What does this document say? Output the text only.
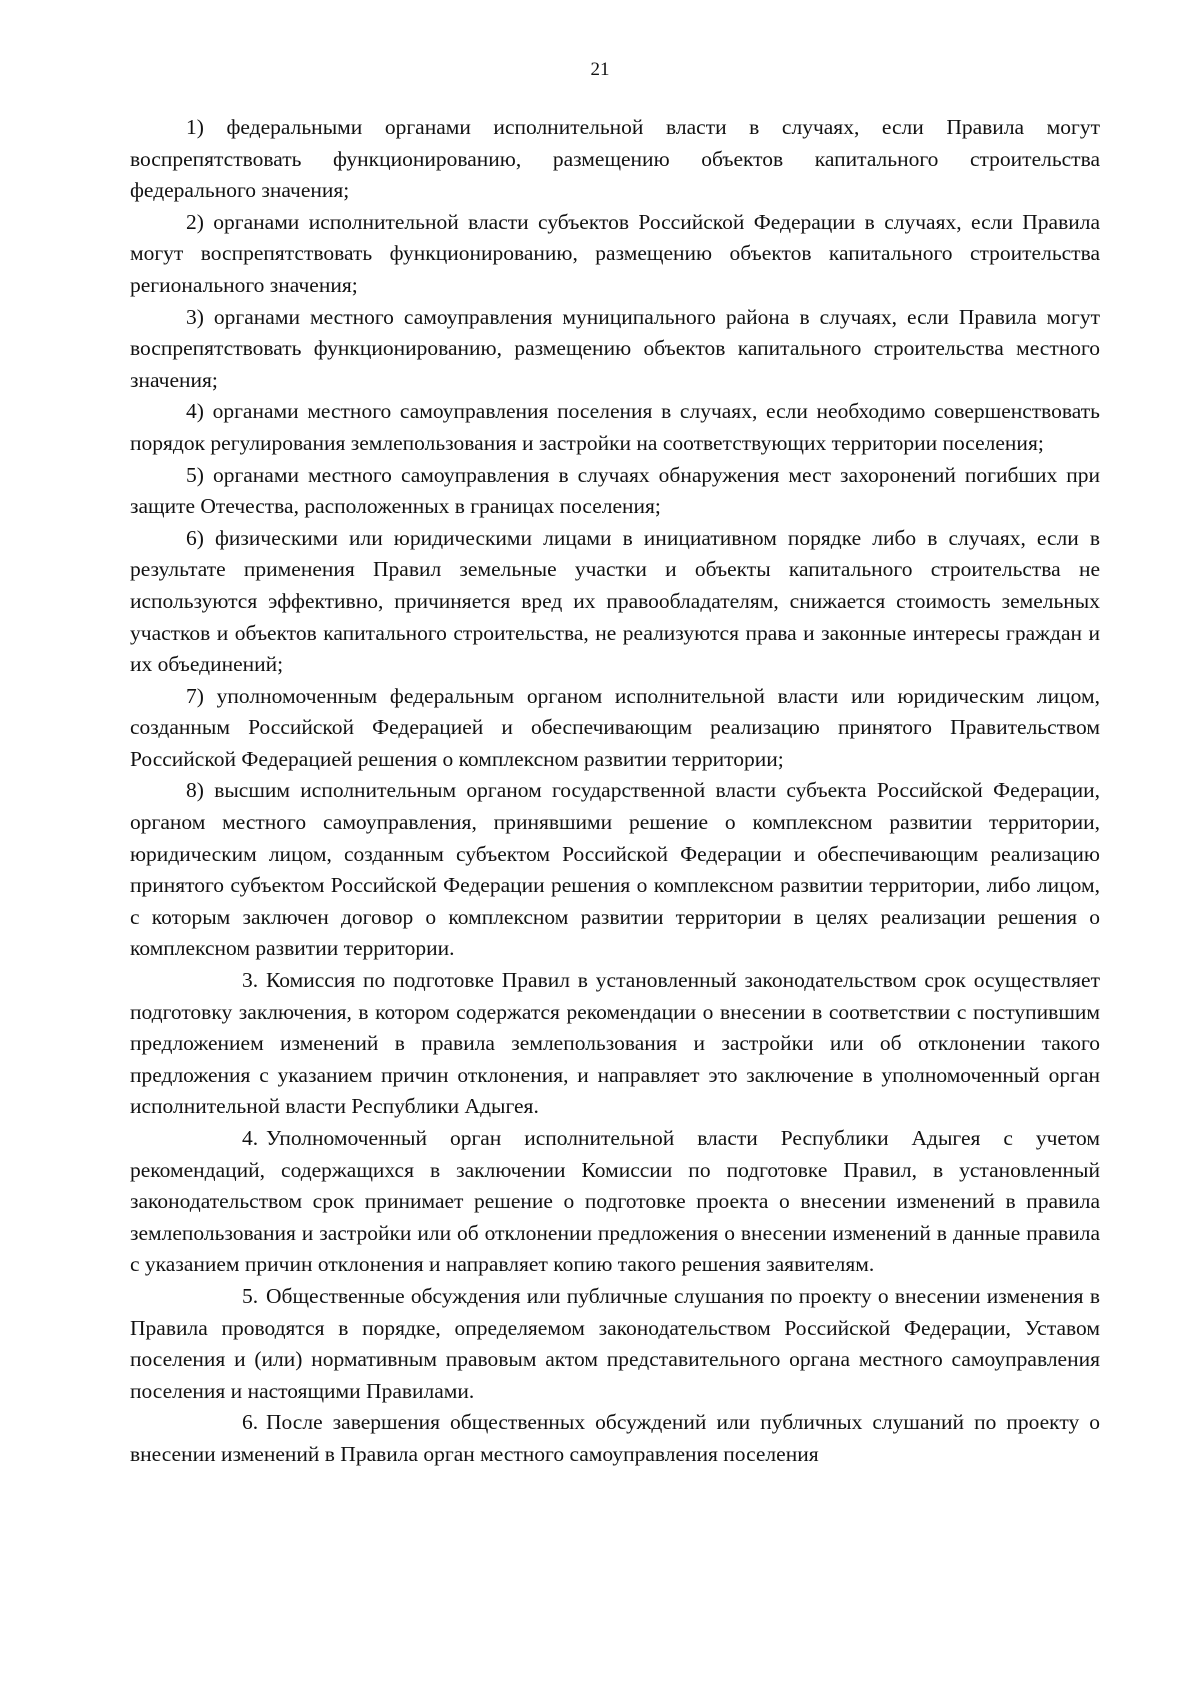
21

1) федеральными органами исполнительной власти в случаях, если Правила могут воспрепятствовать функционированию, размещению объектов капитального строительства федерального значения;

2) органами исполнительной власти субъектов Российской Федерации в случаях, если Правила могут воспрепятствовать функционированию, размещению объектов капитального строительства регионального значения;

3) органами местного самоуправления муниципального района в случаях, если Правила могут воспрепятствовать функционированию, размещению объектов капитального строительства местного значения;

4) органами местного самоуправления поселения в случаях, если необходимо совершенствовать порядок регулирования землепользования и застройки на соответствующих территории поселения;

5) органами местного самоуправления в случаях обнаружения мест захоронений погибших при защите Отечества, расположенных в границах поселения;

6) физическими или юридическими лицами в инициативном порядке либо в случаях, если в результате применения Правил земельные участки и объекты капитального строительства не используются эффективно, причиняется вред их правообладателям, снижается стоимость земельных участков и объектов капитального строительства, не реализуются права и законные интересы граждан и их объединений;

7) уполномоченным федеральным органом исполнительной власти или юридическим лицом, созданным Российской Федерацией и обеспечивающим реализацию принятого Правительством Российской Федерацией решения о комплексном развитии территории;

8) высшим исполнительным органом государственной власти субъекта Российской Федерации, органом местного самоуправления, принявшими решение о комплексном развитии территории, юридическим лицом, созданным субъектом Российской Федерации и обеспечивающим реализацию принятого субъектом Российской Федерации решения о комплексном развитии территории, либо лицом, с которым заключен договор о комплексном развитии территории в целях реализации решения о комплексном развитии территории.

3. Комиссия по подготовке Правил в установленный законодательством срок осуществляет подготовку заключения, в котором содержатся рекомендации о внесении в соответствии с поступившим предложением изменений в правила землепользования и застройки или об отклонении такого предложения с указанием причин отклонения, и направляет это заключение в уполномоченный орган исполнительной власти Республики Адыгея.

4. Уполномоченный орган исполнительной власти Республики Адыгея с учетом рекомендаций, содержащихся в заключении Комиссии по подготовке Правил, в установленный законодательством срок принимает решение о подготовке проекта о внесении изменений в правила землепользования и застройки или об отклонении предложения о внесении изменений в данные правила с указанием причин отклонения и направляет копию такого решения заявителям.

5. Общественные обсуждения или публичные слушания по проекту о внесении изменения в Правила проводятся в порядке, определяемом законодательством Российской Федерации, Уставом поселения и (или) нормативным правовым актом представительного органа местного самоуправления поселения и настоящими Правилами.

6. После завершения общественных обсуждений или публичных слушаний по проекту о внесении изменений в Правила орган местного самоуправления поселения
